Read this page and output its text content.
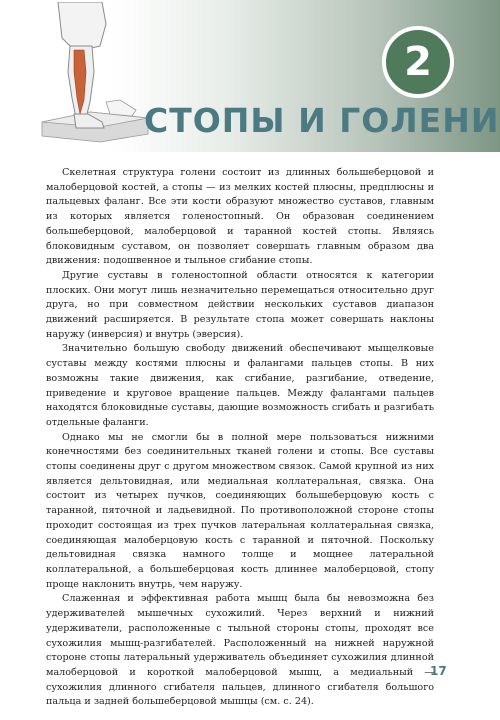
2
СТОПЫ И ГОЛЕНИ

Скелетная структура голени состоит из длинных большеберцовой и малоберцовой костей, а стопы — из мелких костей плюсны, предплюсны и пальцевых фаланг. Все эти кости образуют множество суставов, главным из которых является голеностопный. Он образован соединением большеберцовой, малоберцовой и таранной костей стопы. Являясь блоковидным суставом, он позволяет совершать главным образом два движения: подошвенное и тыльное сгибание стопы.

Другие суставы в голеностопной области относятся к категории плоских. Они могут лишь незначительно перемещаться относительно друг друга, но при совместном действии нескольких суставов диапазон движений расширяется. В результате стопа может совершать наклоны наружу (инверсия) и внутрь (эверсия).

Значительно большую свободу движений обеспечивают мыщелковые суставы между костями плюсны и фалангами пальцев стопы. В них возможны такие движения, как сгибание, разгибание, отведение, приведение и круговое вращение пальцев. Между фалангами пальцев находятся блоковидные суставы, дающие возможность сгибать и разгибать отдельные фаланги.

Однако мы не смогли бы в полной мере пользоваться нижними конечностями без соединительных тканей голени и стопы. Все суставы стопы соединены друг с другом множеством связок. Самой крупной из них является дельтовидная, или медиальная коллатеральная, связка. Она состоит из четырех пучков, соединяющих большеберцовую кость с таранной, пяточной и ладьевидной. По противоположной стороне стопы проходит состоящая из трех пучков латеральная коллатеральная связка, соединяющая малоберцовую кость с таранной и пяточной. Поскольку дельтовидная связка намного толще и мощнее латеральной коллатеральной, а большеберцовая кость длиннее малоберцовой, стопу проще наклонить внутрь, чем наружу.

Слаженная и эффективная работа мышц была бы невозможна без удерживателей мышечных сухожилий. Через верхний и нижний удерживатели, расположенные с тыльной стороны стопы, проходят все сухожилия мышц-разгибателей. Расположенный на нижней наружной стороне стопы латеральный удерживатель объединяет сухожилия длинной малоберцовой и короткой малоберцовой мышц, а медиальный — сухожилия длинного сгибателя пальцев, длинного сгибателя большого пальца и задней большеберцовой мышцы (см. с. 24).

17
